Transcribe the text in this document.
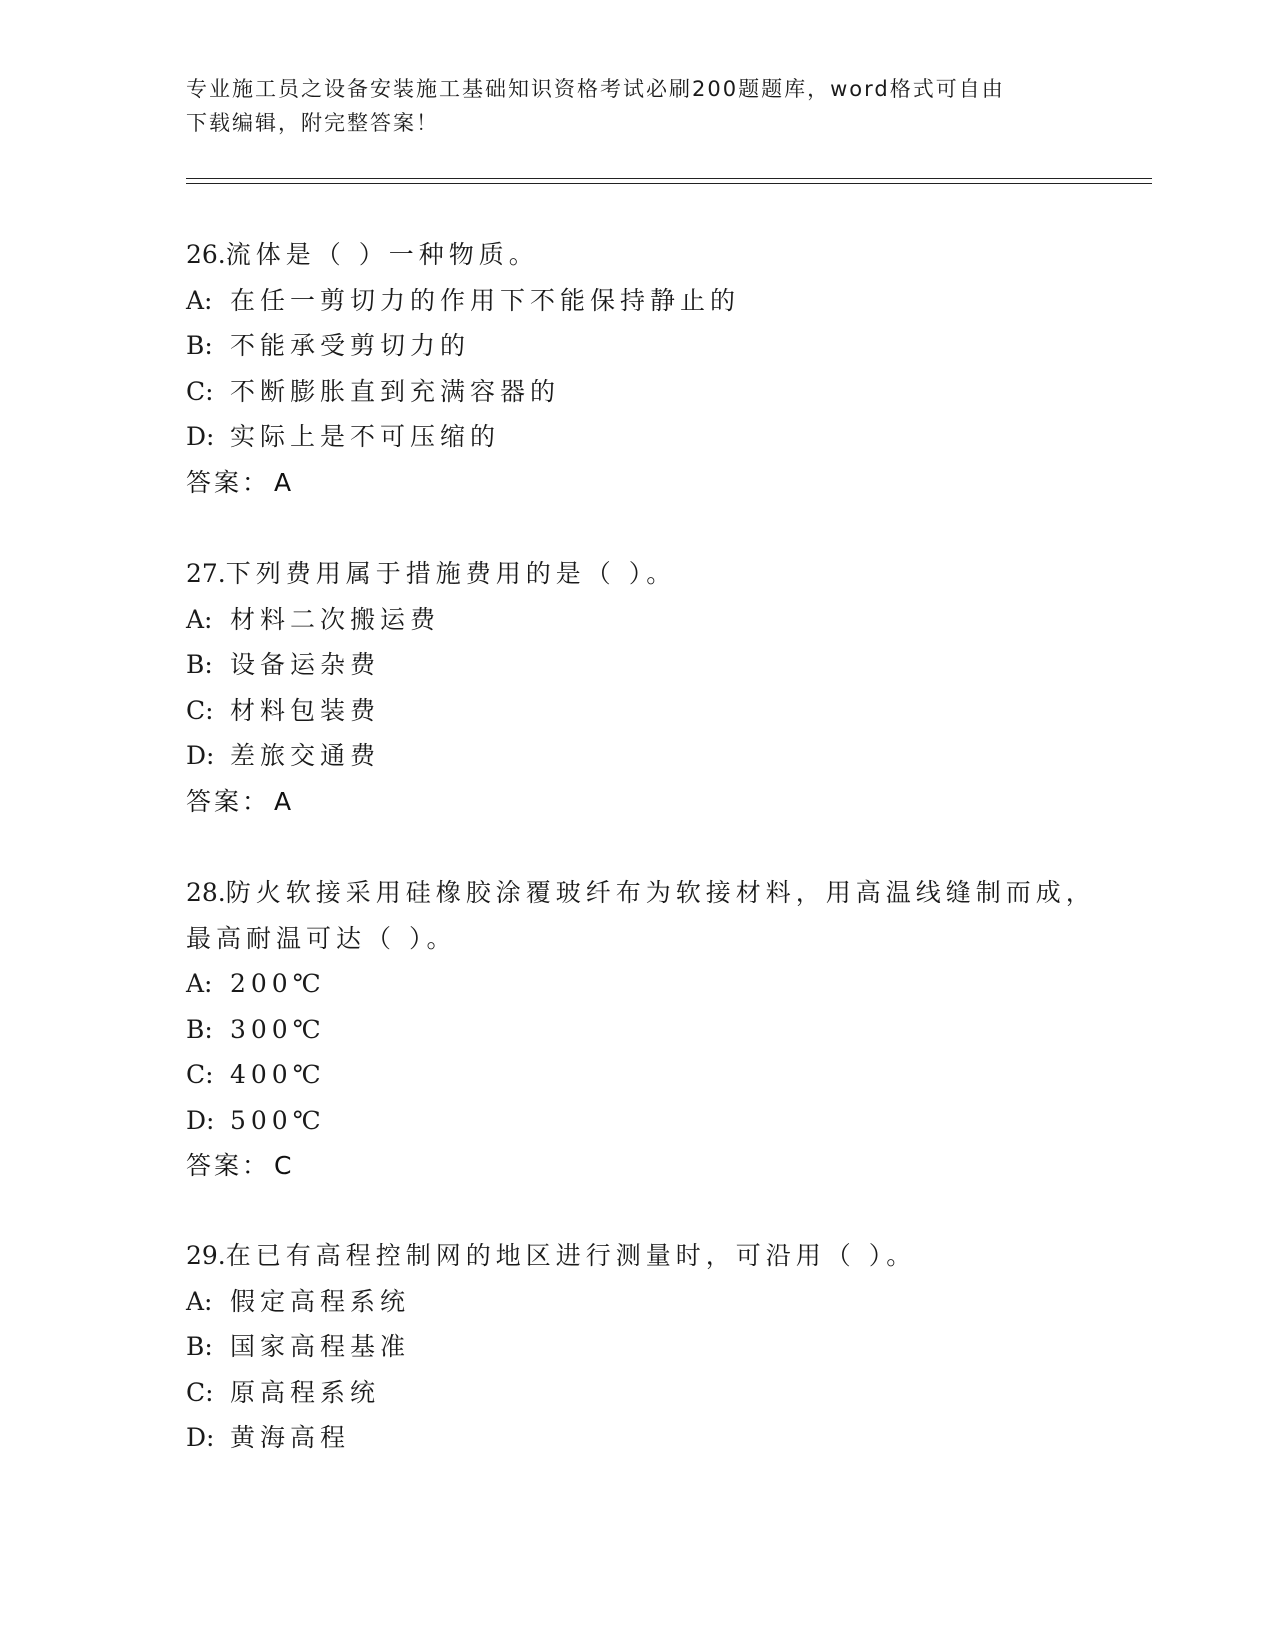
专业施工员之设备安装施工基础知识资格考试必刷200题题库，word格式可自由
下载编辑，附完整答案！
26.流体是（ ）一种物质。
A: 在任一剪切力的作用下不能保持静止的
B: 不能承受剪切力的
C: 不断膨胀直到充满容器的
D: 实际上是不可压缩的
答案： A
27.下列费用属于措施费用的是（ ）。
A: 材料二次搬运费
B: 设备运杂费
C: 材料包装费
D: 差旅交通费
答案： A
28.防火软接采用硅橡胶涂覆玻纤布为软接材料，用高温线缝制而成，
最高耐温可达（ ）。
A: 200℃
B: 300℃
C: 400℃
D: 500℃
答案： C
29.在已有高程控制网的地区进行测量时，可沿用（ ）。
A: 假定高程系统
B: 国家高程基准
C: 原高程系统
D: 黄海高程
